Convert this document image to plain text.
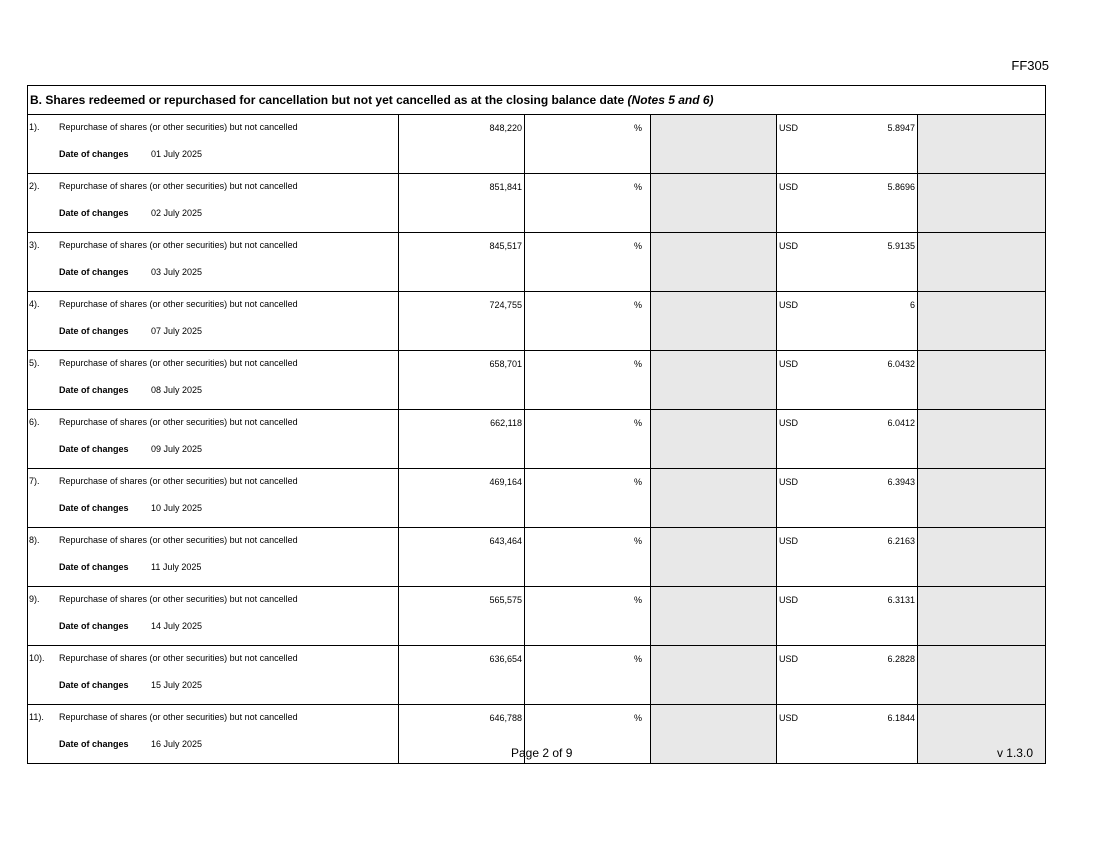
FF305
B. Shares redeemed or repurchased for cancellation but not yet cancelled as at the closing balance date (Notes 5 and 6)					

1). Repurchase of shares (or other securities) but not cancelled
Date of changes 01 July 2025	848,220	%		USD 5.8947	

2). Repurchase of shares (or other securities) but not cancelled
Date of changes 02 July 2025	851,841	%		USD 5.8696	

3). Repurchase of shares (or other securities) but not cancelled
Date of changes 03 July 2025	845,517	%		USD 5.9135	

4). Repurchase of shares (or other securities) but not cancelled
Date of changes 07 July 2025	724,755	%		USD 6	

5). Repurchase of shares (or other securities) but not cancelled
Date of changes 08 July 2025	658,701	%		USD 6.0432	

6). Repurchase of shares (or other securities) but not cancelled
Date of changes 09 July 2025	662,118	%		USD 6.0412	

7). Repurchase of shares (or other securities) but not cancelled
Date of changes 10 July 2025	469,164	%		USD 6.3943	

8). Repurchase of shares (or other securities) but not cancelled
Date of changes 11 July 2025	643,464	%		USD 6.2163	

9). Repurchase of shares (or other securities) but not cancelled
Date of changes 14 July 2025	565,575	%		USD 6.3131	

10). Repurchase of shares (or other securities) but not cancelled
Date of changes 15 July 2025	636,654	%		USD 6.2828	

11). Repurchase of shares (or other securities) but not cancelled
Date of changes 16 July 2025	646,788	%		USD 6.1844	

Page 2 of 9	v 1.3.0
